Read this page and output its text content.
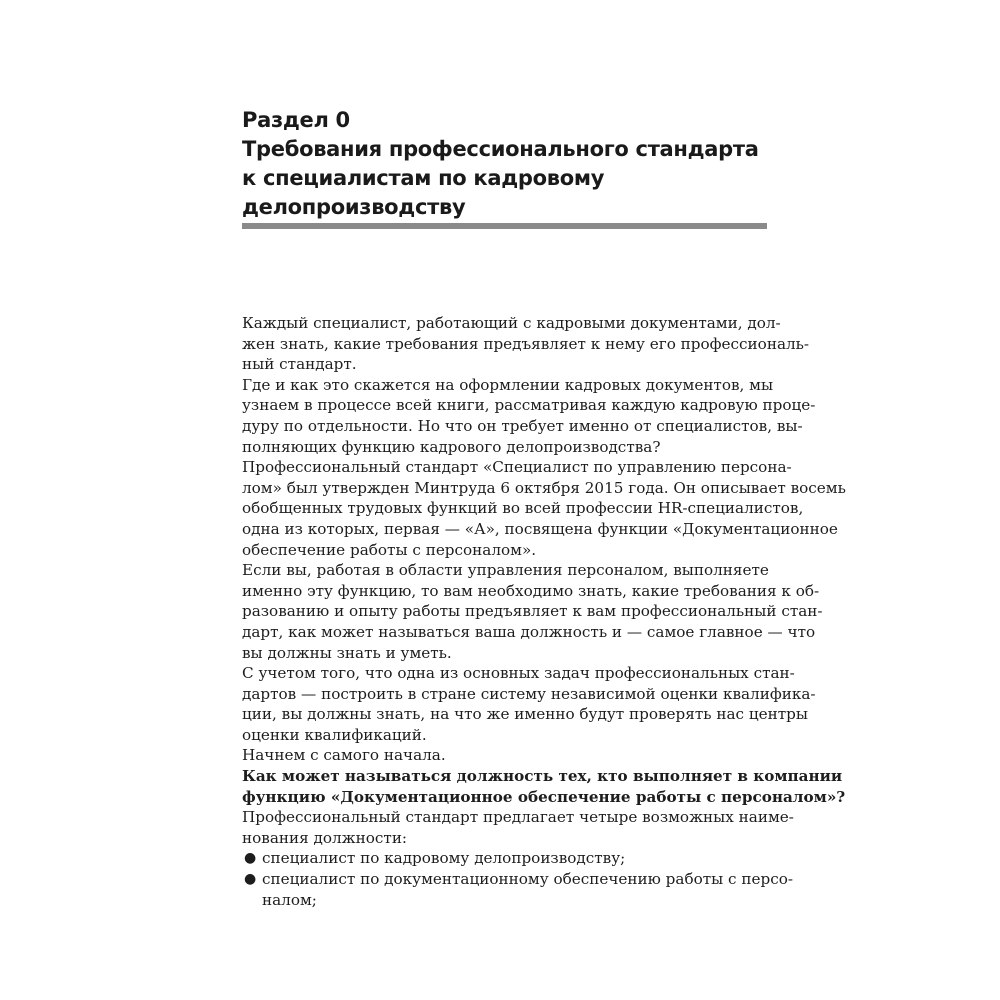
Раздел 0
Требования профессионального стандарта
к специалистам по кадровому
делопроизводству

Каждый специалист, работающий с кадровыми документами, дол-
жен знать, какие требования предъявляет к нему его профессиональ-
ный стандарт.

Где и как это скажется на оформлении кадровых документов, мы
узнаем в процессе всей книги, рассматривая каждую кадровую проце-
дуру по отдельности. Но что он требует именно от специалистов, вы-
полняющих функцию кадрового делопроизводства?

Профессиональный стандарт «Специалист по управлению персона-
лом» был утвержден Минтруда 6 октября 2015 года. Он описывает восемь
обобщенных трудовых функций во всей профессии HR-специалистов,
одна из которых, первая — «А», посвящена функции «Документационное
обеспечение работы с персоналом».

Если вы, работая в области управления персоналом, выполняете
именно эту функцию, то вам необходимо знать, какие требования к об-
разованию и опыту работы предъявляет к вам профессиональный стан-
дарт, как может называться ваша должность и — самое главное — что
вы должны знать и уметь.

С учетом того, что одна из основных задач профессиональных стан-
дартов — построить в стране систему независимой оценки квалифика-
ции, вы должны знать, на что же именно будут проверять нас центры
оценки квалификаций.

Начнем с самого начала.

Как может называться должность тех, кто выполняет в компании
функцию «Документационное обеспечение работы с персоналом»?

Профессиональный стандарт предлагает четыре возможных наиме-
нования должности:

● специалист по кадровому делопроизводству;
● специалист по документационному обеспечению работы с персо-
налом;
